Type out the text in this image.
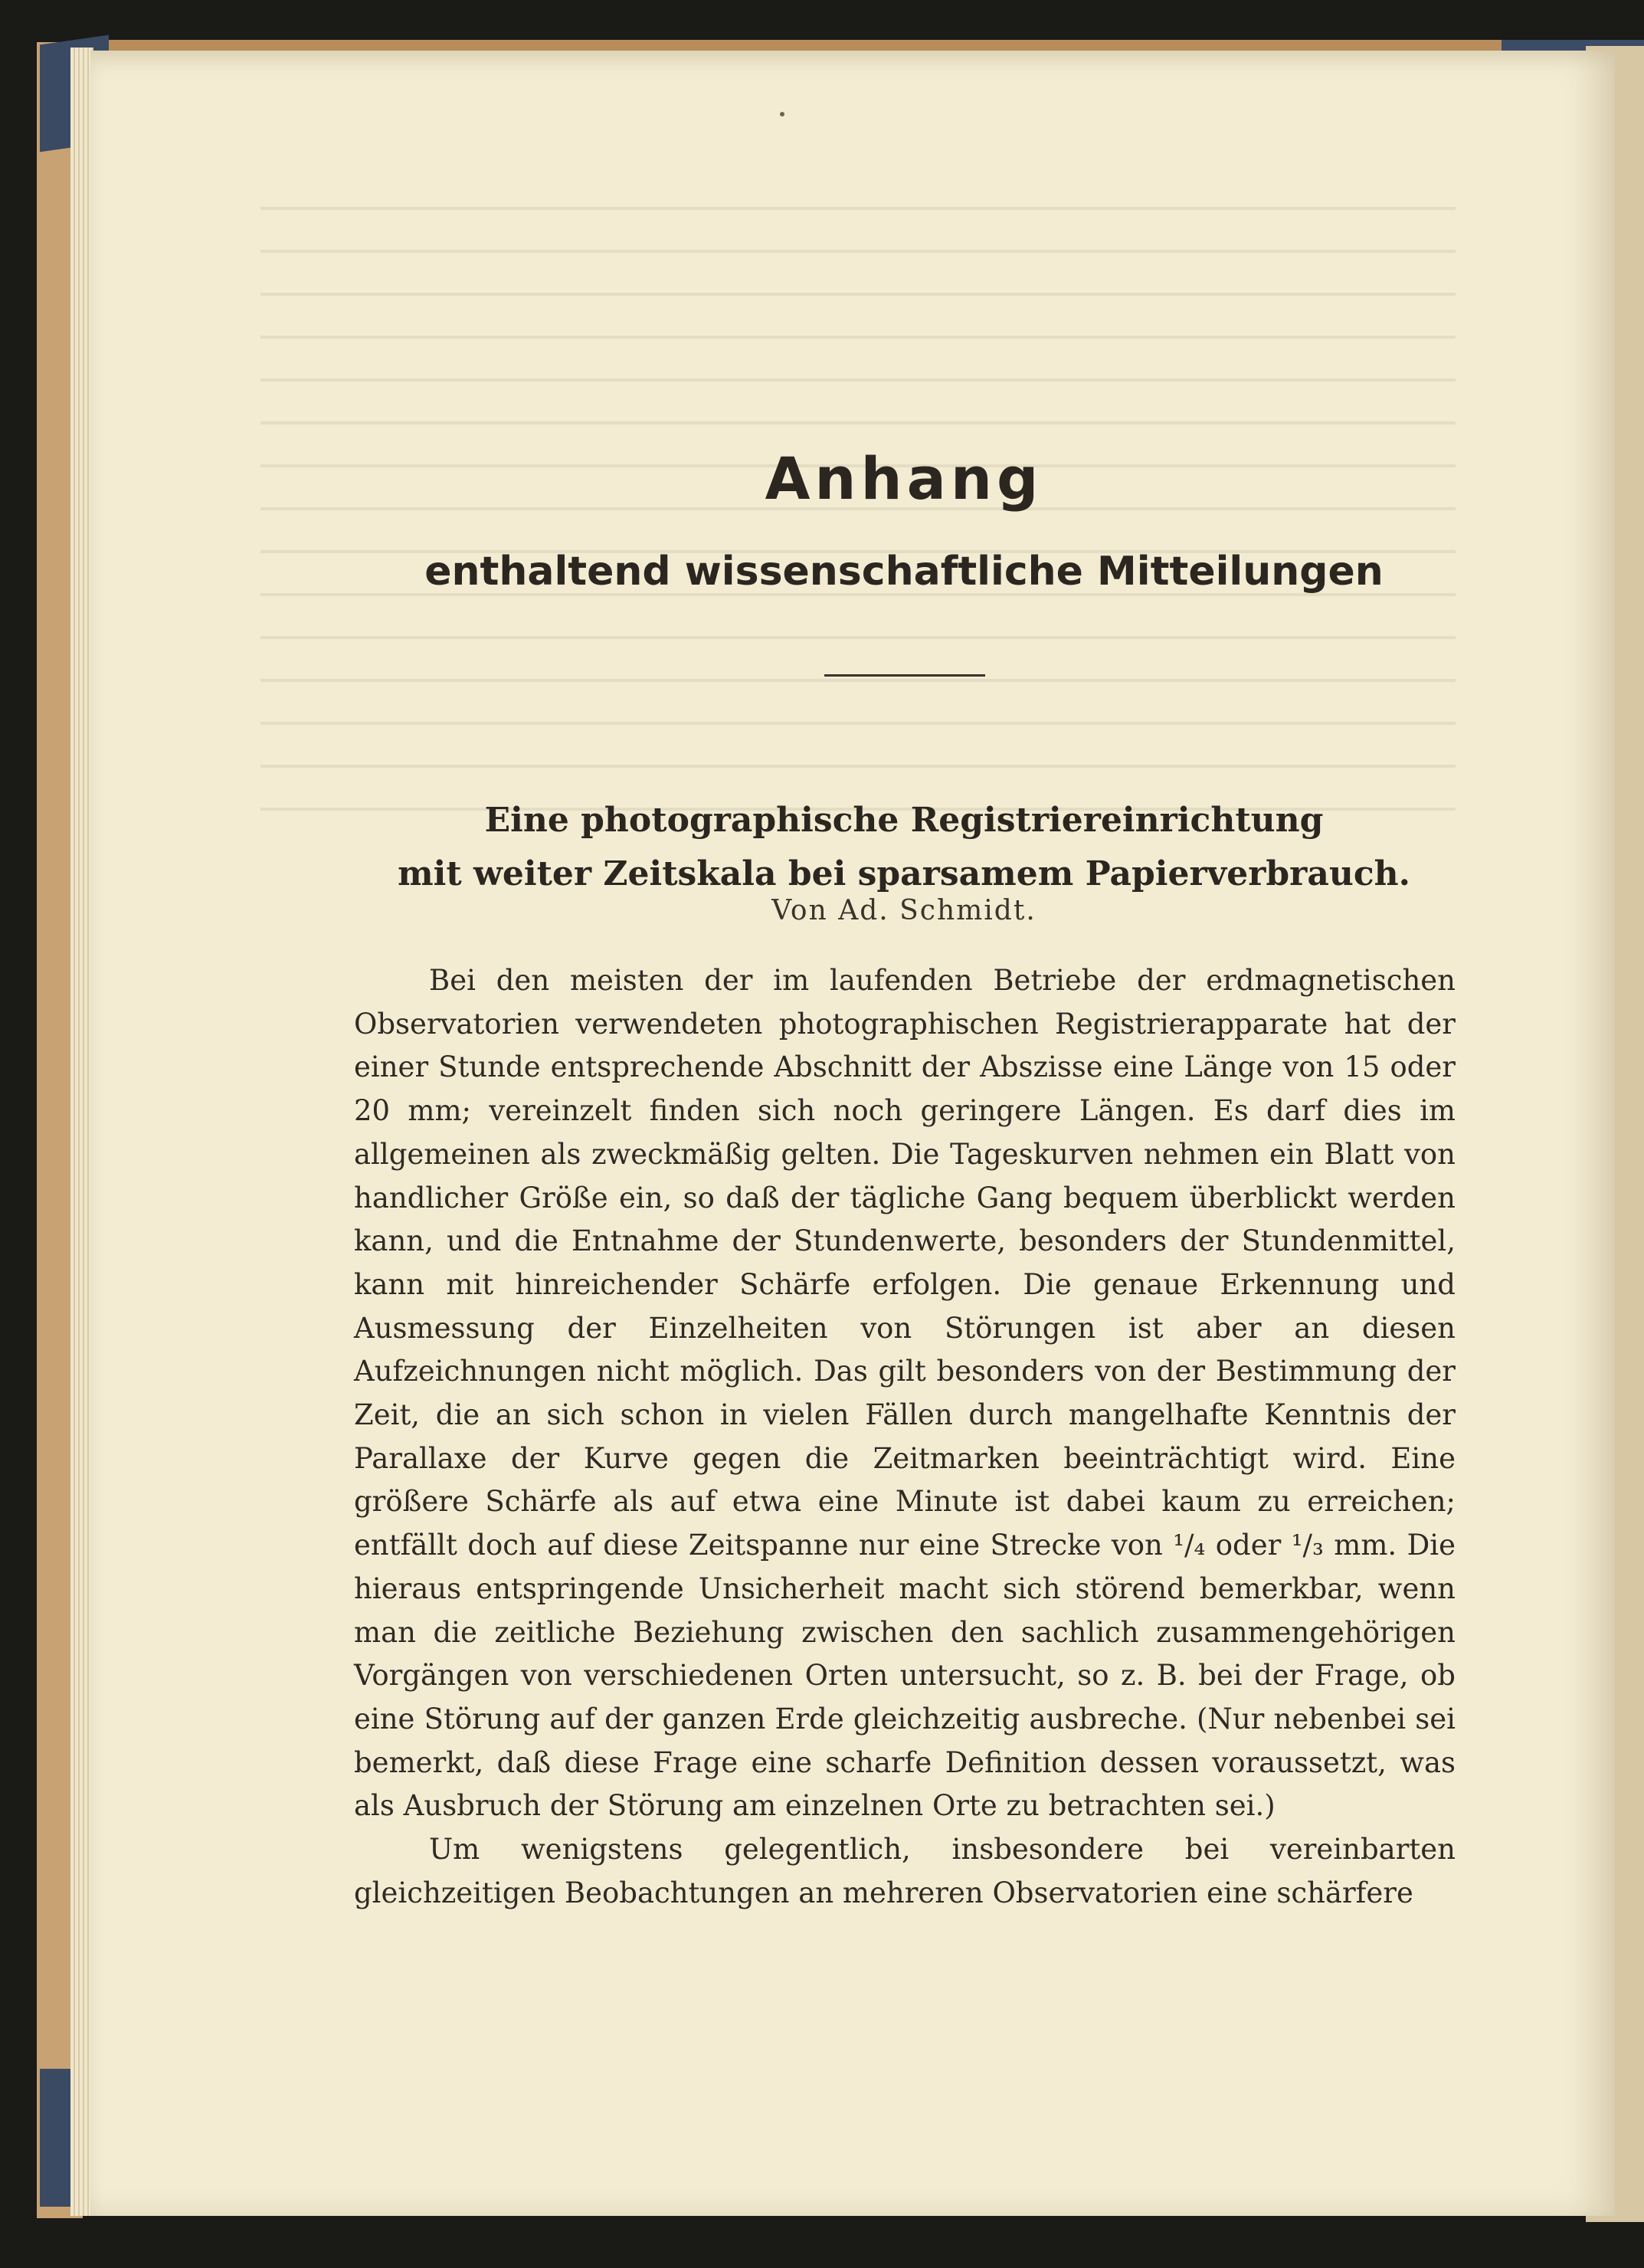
Anhang
enthaltend wissenschaftliche Mitteilungen
Eine photographische Registriereinrichtung
mit weiter Zeitskala bei sparsamem Papierverbrauch.
Von Ad. Schmidt.

Bei den meisten der im laufenden Betriebe der erdmagnetischen Observatorien verwendeten photographischen Registrierapparate hat der einer Stunde entsprechende Abschnitt der Abszisse eine Länge von 15 oder 20 mm; vereinzelt finden sich noch geringere Längen. Es darf dies im allgemeinen als zweckmäßig gelten. Die Tageskurven nehmen ein Blatt von handlicher Größe ein, so daß der tägliche Gang bequem überblickt werden kann, und die Entnahme der Stundenwerte, besonders der Stundenmittel, kann mit hinreichender Schärfe erfolgen. Die genaue Erkennung und Ausmessung der Einzelheiten von Störungen ist aber an diesen Aufzeichnungen nicht möglich. Das gilt besonders von der Bestimmung der Zeit, die an sich schon in vielen Fällen durch mangelhafte Kenntnis der Parallaxe der Kurve gegen die Zeitmarken beeinträchtigt wird. Eine größere Schärfe als auf etwa eine Minute ist dabei kaum zu erreichen; entfällt doch auf diese Zeitspanne nur eine Strecke von ¹/₄ oder ¹/₃ mm. Die hieraus entspringende Unsicherheit macht sich störend bemerkbar, wenn man die zeitliche Beziehung zwischen den sachlich zusammengehörigen Vorgängen von verschiedenen Orten untersucht, so z. B. bei der Frage, ob eine Störung auf der ganzen Erde gleichzeitig ausbreche. (Nur nebenbei sei bemerkt, daß diese Frage eine scharfe Definition dessen voraussetzt, was als Ausbruch der Störung am einzelnen Orte zu betrachten sei.)

Um wenigstens gelegentlich, insbesondere bei vereinbarten gleichzeitigen Beobachtungen an mehreren Observatorien eine schärfere
